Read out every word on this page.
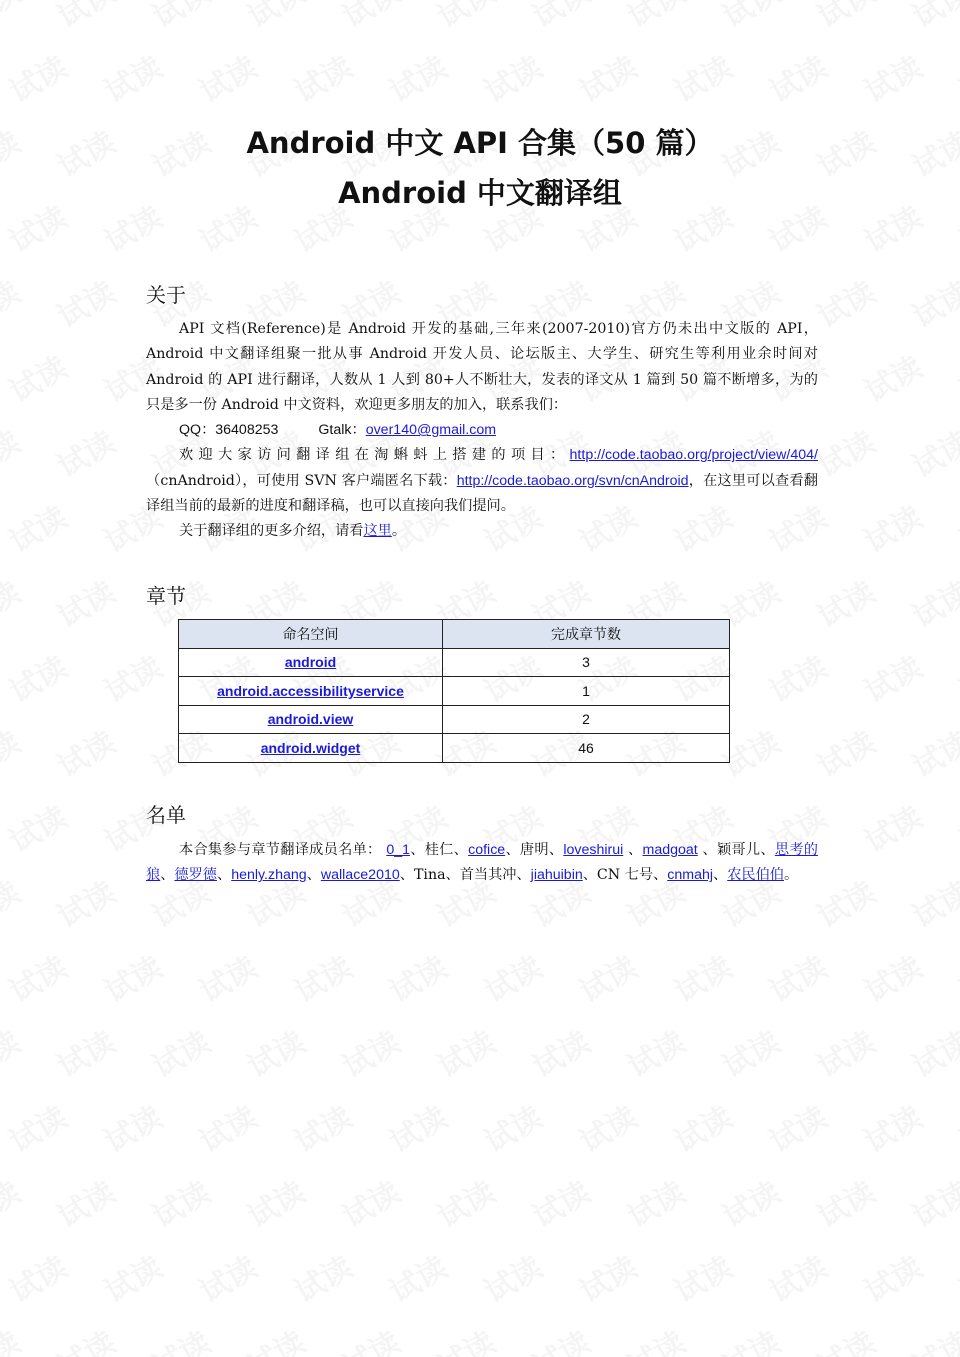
Android 中文 API 合集（50 篇）
Android 中文翻译组
关于

API 文档(Reference)是 Android 开发的基础,三年来(2007-2010)官方仍未出中文版的 API，Android 中文翻译组聚一批从事 Android 开发人员、论坛版主、大学生、研究生等利用业余时间对 Android 的 API 进行翻译，人数从 1 人到 80+人不断壮大，发表的译文从 1 篇到 50 篇不断增多，为的只是多一份 Android 中文资料，欢迎更多朋友的加入，联系我们：

QQ：36408253	Gtalk：over140@gmail.com

欢迎大家访问翻译组在淘蝌蚪上搭建的项目：http://code.taobao.org/project/view/404/（cnAndroid），可使用 SVN 客户端匿名下载：http://code.taobao.org/svn/cnAndroid，在这里可以查看翻译组当前的最新的进度和翻译稿，也可以直接向我们提问。

关于翻译组的更多介绍，请看这里。

章节
命名空间	完成章节数
android	3
android.accessibilityservice	1
android.view	2
android.widget	46
名单

本合集参与章节翻译成员名单： 0_1、桂仁、cofice、唐明、loveshirui 、madgoat 、颖哥儿、思考的狼、德罗德、henly.zhang、wallace2010、Tina、首当其冲、jiahuibin、CN 七号、cnmahj、农民伯伯。
